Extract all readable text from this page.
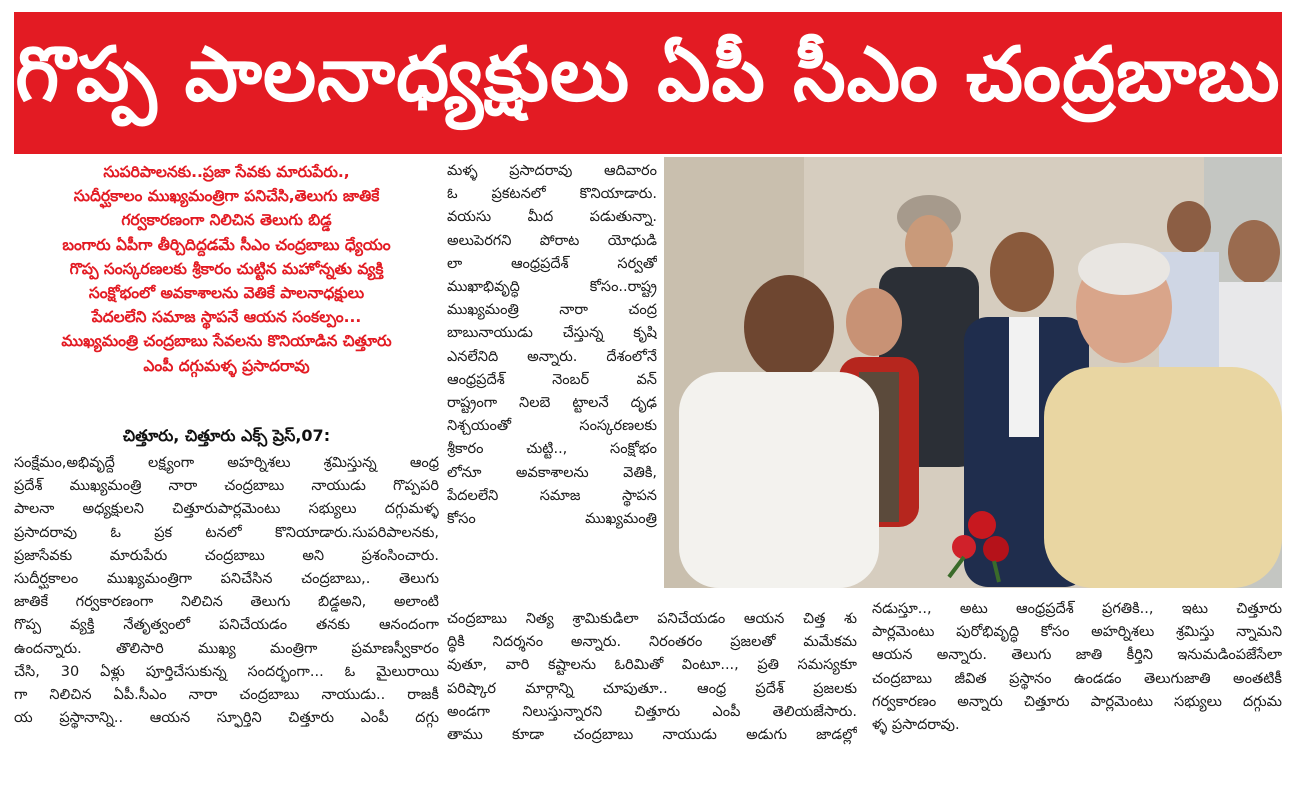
గొప్ప పాలనాధ్యక్షులు ఏపీ సీఎం చంద్రబాబు
సుపరిపాలనకు..ప్రజా సేవకు మారుపేరు.,
సుదీర్ఘకాలం ముఖ్యమంత్రిగా పనిచేసి,తెలుగు జాతికే
గర్వకారణంగా నిలిచిన తెలుగు బిడ్డ
బంగారు ఏపీగా తీర్చిదిద్దడమే సీఎం చంద్రబాబు ధ్యేయం
గొప్ప సంస్కరణలకు శ్రీకారం చుట్టిన మహోన్నతు వ్యక్తి
సంక్షోభంలో అవకాశాలను వెతికే పాలనాధక్షులు
పేదలలేని సమాజ స్థాపనే ఆయన సంకల్పం...
ముఖ్యమంత్రి చంద్రబాబు సేవలను కొనియాడిన చిత్తూరు
ఎంపీ దగ్గుమళ్ళ ప్రసాదరావు
చిత్తూరు, చిత్తూరు ఎక్స్ ప్రెస్,07:
సంక్షేమం,అభివృద్దే లక్ష్యంగా అహర్నిశలు శ్రమిస్తున్న ఆంధ్ర
ప్రదేశ్ ముఖ్యమంత్రి నారా చంద్రబాబు నాయుడు గొప్పపరి
పాలనా అధ్యక్షులని చిత్తూరుపార్లమెంటు సభ్యులు దగ్గుమళ్ళ
ప్రసాదరావు ఓ ప్రక టనలో కొనియాడారు.సుపరిపాలనకు,
ప్రజాసేవకు మారుపేరు చంద్రబాబు అని ప్రశంసించారు.
సుదీర్ఘకాలం ముఖ్యమంత్రిగా పనిచేసిన చంద్రబాబు,. తెలుగు
జాతికే గర్వకారణంగా నిలిచిన తెలుగు బిడ్డఅని, అలాంటి
గొప్ప వ్యక్తి నేతృత్వంలో పనిచేయడం తనకు ఆనందంగా
ఉందన్నారు. తొలిసారి ముఖ్య మంత్రిగా ప్రమాణస్వీకారం
చేసి, 30 ఏళ్లు పూర్తిచేసుకున్న సందర్భంగా... ఓ మైలురాయి
గా నిలిచిన ఏపీ.సీఎం నారా చంద్రబాబు నాయుడు.. రాజకీ
య ప్రస్థానాన్ని.. ఆయన స్ఫూర్తిని చిత్తూరు ఎంపీ దగ్గు
మళ్ళ ప్రసాదరావు ఆదివారం
ఓ ప్రకటనలో కొనియాడారు.
వయసు మీద పడుతున్నా.
అలుపెరగని పోరాట యోధుడి
లా ఆంధ్రప్రదేశ్ సర్వతో
ముఖాభివృద్ధి కోసం..రాష్ట్ర
ముఖ్యమంత్రి నారా చంద్ర
బాబునాయుడు చేస్తున్న కృషి
ఎనలేనిది అన్నారు. దేశంలోనే
ఆంధ్రప్రదేశ్ నెంబర్ వన్
రాష్ట్రంగా నిలబె ట్టాలనే దృఢ
నిశ్చయంతో సంస్కరణలకు
శ్రీకారం చుట్టి.., సంక్షోభం
లోనూ అవకాశాలను వెతికి,
పేదలలేని సమాజ స్థాపన
కోసం ముఖ్యమంత్రి
చంద్రబాబు నిత్య శ్రామికుడిలా పనిచేయడం ఆయన చిత్త శు
ద్ధికి నిదర్శనం అన్నారు. నిరంతరం ప్రజలతో మమేకమ
వుతూ, వారి కష్టాలను ఓరిమితో వింటూ..., ప్రతి సమస్యకూ
పరిష్కార మార్గాన్ని చూపుతూ.. ఆంధ్ర ప్రదేశ్ ప్రజలకు
అండగా నిలుస్తున్నారని చిత్తూరు ఎంపీ తెలియజేసారు.
తాము కూడా చంద్రబాబు నాయుడు అడుగు జాడల్లో
నడుస్తూ.., అటు ఆంధ్రప్రదేశ్ ప్రగతికి.., ఇటు చిత్తూరు
పార్లమెంటు పురోభివృద్ధి కోసం అహర్నిశలు శ్రమిస్తు న్నామని
ఆయన అన్నారు. తెలుగు జాతి కీర్తిని ఇనుమడింపజేసేలా
చంద్రబాబు జీవిత ప్రస్థానం ఉండడం తెలుగుజాతి అంతటికీ
గర్వకారణం అన్నారు చిత్తూరు పార్లమెంటు సభ్యులు దగ్గుమ
ళ్ళ ప్రసాదరావు.
